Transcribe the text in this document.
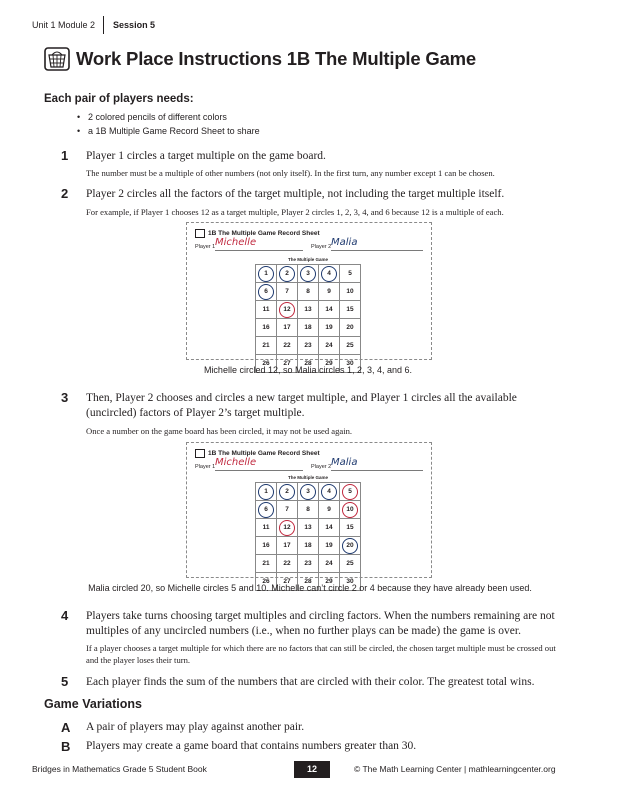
Unit 1 Module 2 Session 5
Work Place Instructions 1B The Multiple Game
Each pair of players needs:
• 2 colored pencils of different colors
• a 1B Multiple Game Record Sheet to share
1 Player 1 circles a target multiple on the game board.
The number must be a multiple of other numbers (not only itself). In the first turn, any number except 1 can be chosen.
2 Player 2 circles all the factors of the target multiple, not including the target multiple itself.
For example, if Player 1 chooses 12 as a target multiple, Player 2 circles 1, 2, 3, 4, and 6 because 12 is a multiple of each.
1B The Multiple Game Record Sheet
Player 1 Michelle	Player 2 Malia
The Multiple Game
1	2	3	4	5
6	7	8	9	10
11	12	13	14	15
16	17	18	19	20
21	22	23	24	25
26	27	28	29	30
Michelle circled 12, so Malia circles 1, 2, 3, 4, and 6.
3 Then, Player 2 chooses and circles a new target multiple, and Player 1 circles all the available (uncircled) factors of Player 2’s target multiple.
Once a number on the game board has been circled, it may not be used again.
1B The Multiple Game Record Sheet
Player 1 Michelle	Player 2 Malia
The Multiple Game
1	2	3	4	5
6	7	8	9	10
11	12	13	14	15
16	17	18	19	20
21	22	23	24	25
26	27	28	29	30
Malia circled 20, so Michelle circles 5 and 10. Michelle can’t circle 2 or 4 because they have already been used.
4 Players take turns choosing target multiples and circling factors. When the numbers remaining are not multiples of any uncircled numbers (i.e., when no further plays can be made) the game is over.
If a player chooses a target multiple for which there are no factors that can still be circled, the chosen target multiple must be crossed out and the player loses their turn.
5 Each player finds the sum of the numbers that are circled with their color. The greatest total wins.
Game Variations
A A pair of players may play against another pair.
B Players may create a game board that contains numbers greater than 30.
Bridges in Mathematics Grade 5 Student Book	12	© The Math Learning Center | mathlearningcenter.org
